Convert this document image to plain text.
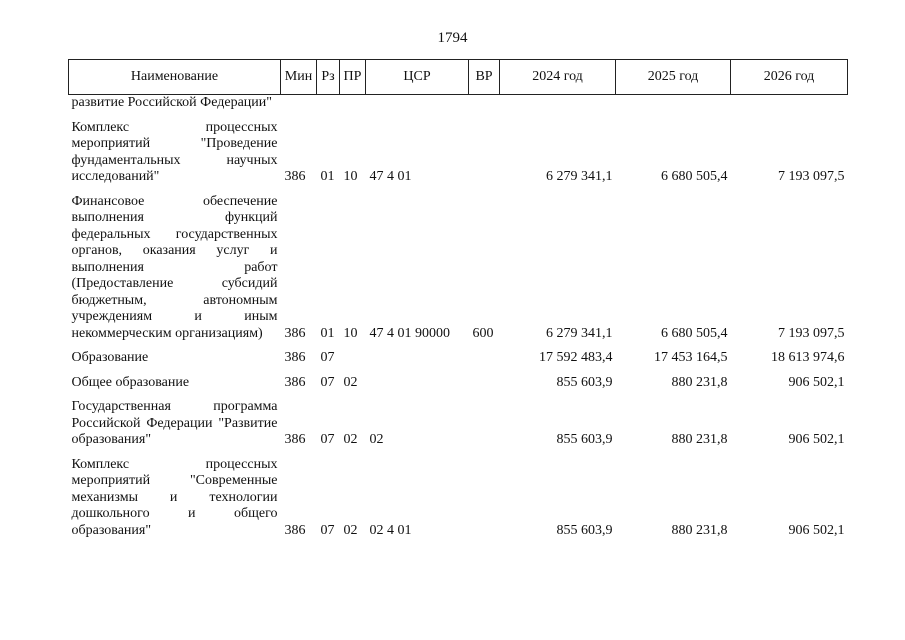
1794
Наименование	Мин	Рз	ПР	ЦСР	ВР	2024 год	2025 год	2026 год
развитие Российской Федерации"								
Комплекс процессных мероприятий "Проведение фундаментальных научных исследований"	386	01	10	47 4 01		6 279 341,1	6 680 505,4	7 193 097,5
Финансовое обеспечение выполнения функций федеральных государственных органов, оказания услуг и выполнения работ (Предоставление субсидий бюджетным, автономным учреждениям и иным некоммерческим организациям)	386	01	10	47 4 01 90000	600	6 279 341,1	6 680 505,4	7 193 097,5
Образование	386	07				17 592 483,4	17 453 164,5	18 613 974,6
Общее образование	386	07	02			855 603,9	880 231,8	906 502,1
Государственная программа Российской Федерации "Развитие образования"	386	07	02	02		855 603,9	880 231,8	906 502,1
Комплекс процессных мероприятий "Современные механизмы и технологии дошкольного и общего образования"	386	07	02	02 4 01		855 603,9	880 231,8	906 502,1
